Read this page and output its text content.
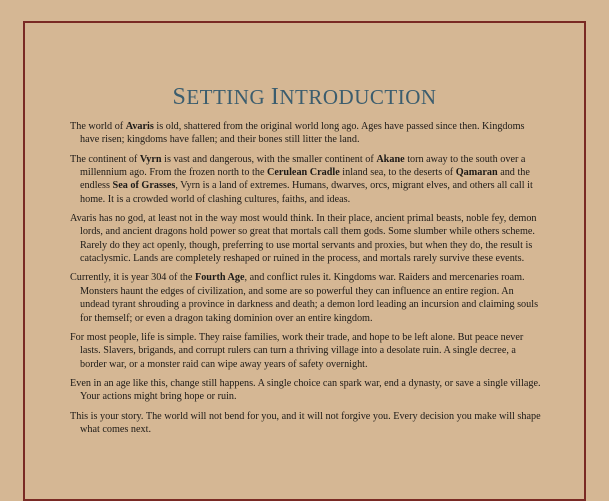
SETTING INTRODUCTION

The world of Avaris is old, shattered from the original world long ago. Ages have passed since then. Kingdoms have risen; kingdoms have fallen; and their bones still litter the land.

The continent of Vyrn is vast and dangerous, with the smaller continent of Akane torn away to the south over a millennium ago. From the frozen north to the Cerulean Cradle inland sea, to the deserts of Qamaran and the endless Sea of Grasses, Vyrn is a land of extremes. Humans, dwarves, orcs, migrant elves, and others all call it home. It is a crowded world of clashing cultures, faiths, and ideas.

Avaris has no god, at least not in the way most would think. In their place, ancient primal beasts, noble fey, demon lords, and ancient dragons hold power so great that mortals call them gods. Some slumber while others scheme. Rarely do they act openly, though, preferring to use mortal servants and proxies, but when they do, the result is cataclysmic. Lands are completely reshaped or ruined in the process, and mortals rarely survive these events.

Currently, it is year 304 of the Fourth Age, and conflict rules it. Kingdoms war. Raiders and mercenaries roam. Monsters haunt the edges of civilization, and some are so powerful they can influence an entire region. An undead tyrant shrouding a province in darkness and death; a demon lord leading an incursion and claiming souls for themself; or even a dragon taking dominion over an entire kingdom.

For most people, life is simple. They raise families, work their trade, and hope to be left alone. But peace never lasts. Slavers, brigands, and corrupt rulers can turn a thriving village into a desolate ruin. A single decree, a border war, or a monster raid can wipe away years of safety overnight.

Even in an age like this, change still happens. A single choice can spark war, end a dynasty, or save a single village. Your actions might bring hope or ruin.

This is your story. The world will not bend for you, and it will not forgive you. Every decision you make will shape what comes next.
